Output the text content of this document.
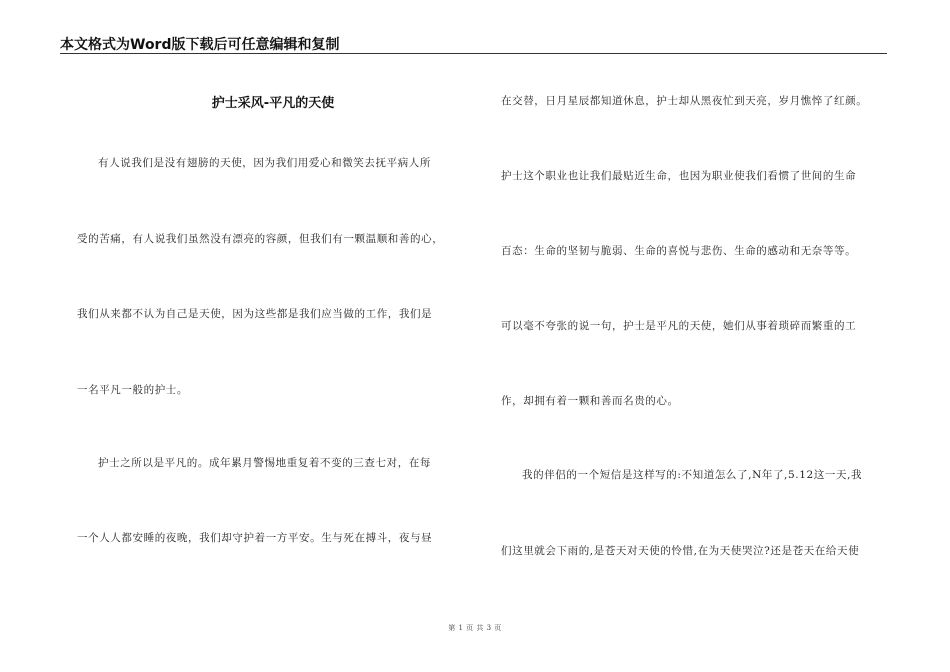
本文格式为Word版下载后可任意编辑和复制
护士采风-平凡的天使
有人说我们是没有翅膀的天使，因为我们用爱心和微笑去抚平病人所
受的苦痛，有人说我们虽然没有漂亮的容颜，但我们有一颗温顺和善的心，
我们从来都不认为自己是天使，因为这些都是我们应当做的工作，我们是
一名平凡一般的护士。
护士之所以是平凡的。成年累月警惕地重复着不变的三查七对，在每
一个人人都安睡的夜晚，我们却守护着一方平安。生与死在搏斗，夜与昼
在交替，日月星辰都知道休息，护士却从黑夜忙到天亮，岁月憔悴了红颜。
护士这个职业也让我们最贴近生命，也因为职业使我们看惯了世间的生命
百态：生命的坚韧与脆弱、生命的喜悦与悲伤、生命的感动和无奈等等。
可以毫不夸张的说一句，护士是平凡的天使，她们从事着琐碎而繁重的工
作，却拥有着一颗和善而名贵的心。
我的伴侣的一个短信是这样写的:不知道怎么了,N年了,5.12这一天,我
们这里就会下雨的,是苍天对天使的怜惜,在为天使哭泣?还是苍天在给天使
第 1 页 共 3 页
